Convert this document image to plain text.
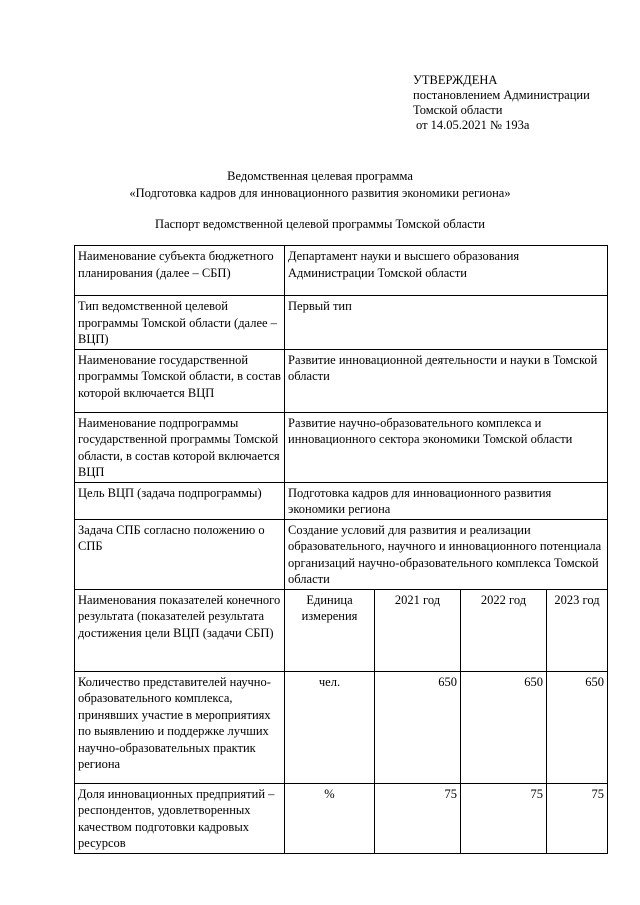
УТВЕРЖДЕНА
постановлением Администрации
Томской области
от 14.05.2021 № 193а
Ведомственная целевая программа
«Подготовка кадров для инновационного развития экономики региона»
Паспорт ведомственной целевой программы Томской области
Наименование субъекта бюджетного планирования (далее – СБП)	Департамент науки и высшего образования Администрации Томской области			
Тип ведомственной целевой программы Томской области (далее – ВЦП)	Первый тип			
Наименование государственной программы Томской области, в состав которой включается ВЦП	Развитие инновационной деятельности и науки в Томской области			
Наименование подпрограммы государственной программы Томской области, в состав которой включается ВЦП	Развитие научно-образовательного комплекса и инновационного сектора экономики Томской области			
Цель ВЦП (задача подпрограммы)	Подготовка кадров для инновационного развития экономики региона			
Задача СПБ согласно положению о СПБ	Создание условий для развития и реализации образовательного, научного и инновационного потенциала организаций научно-образовательного комплекса Томской области			
Наименования показателей конечного результата (показателей результата достижения цели ВЦП (задачи СБП)	Единица измерения	2021 год	2022 год	2023 год
Количество представителей научно-образовательного комплекса, принявших участие в мероприятиях по выявлению и поддержке лучших научно-образовательных практик региона	чел.	650	650	650
Доля инновационных предприятий – респондентов, удовлетворенных качеством подготовки кадровых ресурсов	%	75	75	75
